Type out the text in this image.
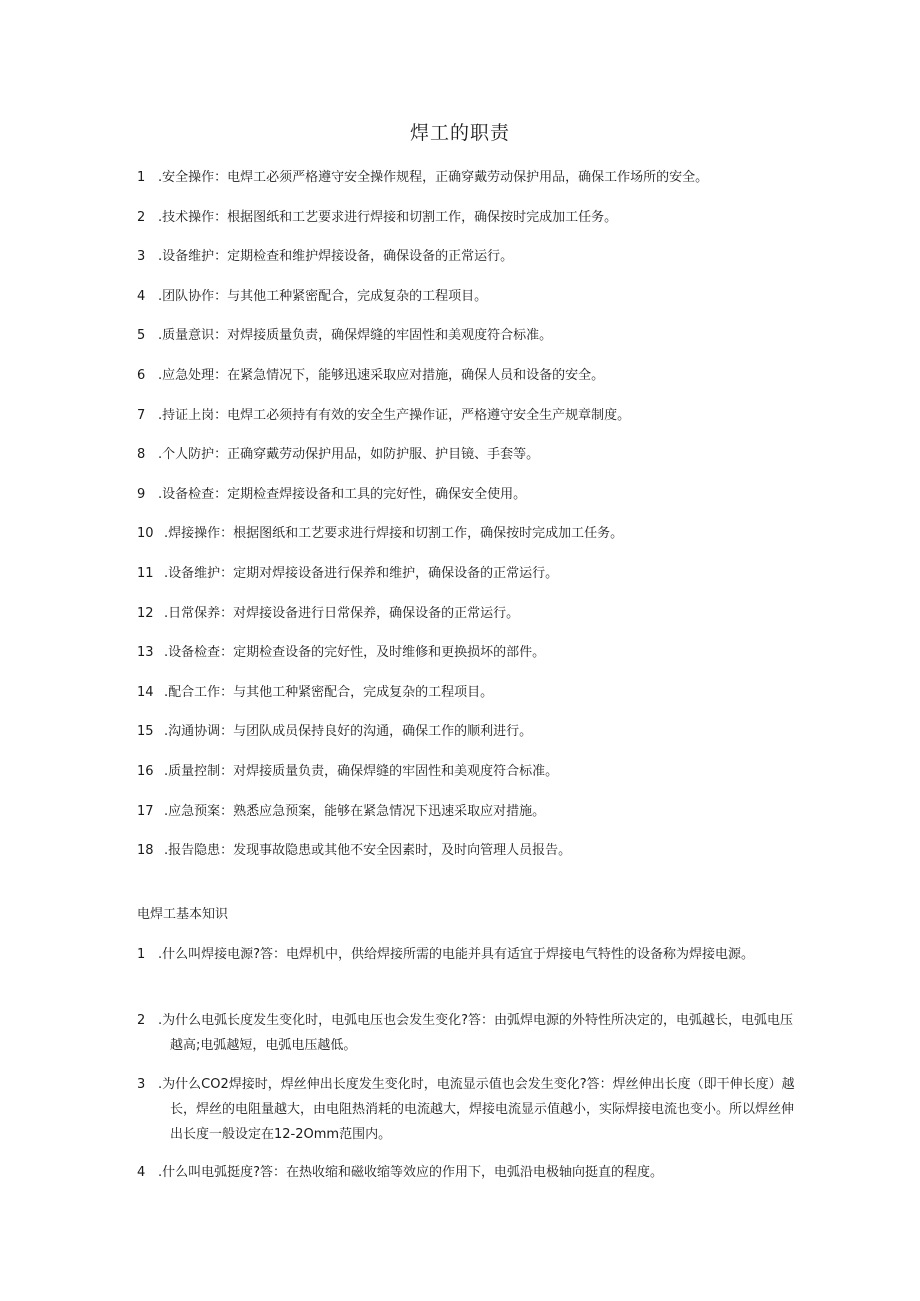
焊工的职责
1 .安全操作：电焊工必须严格遵守安全操作规程，正确穿戴劳动保护用品，确保工作场所的安全。
2 .技术操作：根据图纸和工艺要求进行焊接和切割工作，确保按时完成加工任务。
3 .设备维护：定期检查和维护焊接设备，确保设备的正常运行。
4 .团队协作：与其他工种紧密配合，完成复杂的工程项目。
5 .质量意识：对焊接质量负责，确保焊缝的牢固性和美观度符合标准。
6 .应急处理：在紧急情况下，能够迅速采取应对措施，确保人员和设备的安全。
7 .持证上岗：电焊工必须持有有效的安全生产操作证，严格遵守安全生产规章制度。
8 .个人防护：正确穿戴劳动保护用品，如防护服、护目镜、手套等。
9 .设备检查：定期检查焊接设备和工具的完好性，确保安全使用。
10 .焊接操作：根据图纸和工艺要求进行焊接和切割工作，确保按时完成加工任务。
11 .设备维护：定期对焊接设备进行保养和维护，确保设备的正常运行。
12 .日常保养：对焊接设备进行日常保养，确保设备的正常运行。
13 .设备检查：定期检查设备的完好性，及时维修和更换损坏的部件。
14 .配合工作：与其他工种紧密配合，完成复杂的工程项目。
15 .沟通协调：与团队成员保持良好的沟通，确保工作的顺利进行。
16 .质量控制：对焊接质量负责，确保焊缝的牢固性和美观度符合标准。
17 .应急预案：熟悉应急预案，能够在紧急情况下迅速采取应对措施。
18 .报告隐患：发现事故隐患或其他不安全因素时，及时向管理人员报告。
电焊工基本知识
1 .什么叫焊接电源?答：电焊机中，供给焊接所需的电能并具有适宜于焊接电气特性的设备称为焊接电源。
2 .为什么电弧长度发生变化时，电弧电压也会发生变化?答：由弧焊电源的外特性所决定的，电弧越长，电弧电压越高;电弧越短，电弧电压越低。
3 .为什么CO2焊接时，焊丝伸出长度发生变化时，电流显示值也会发生变化?答：焊丝伸出长度（即干伸长度）越长，焊丝的电阻量越大，由电阻热消耗的电流越大，焊接电流显示值越小，实际焊接电流也变小。所以焊丝伸出长度一般设定在12-2Omm范围内。
4 .什么叫电弧挺度?答：在热收缩和磁收缩等效应的作用下，电弧沿电极轴向挺直的程度。
